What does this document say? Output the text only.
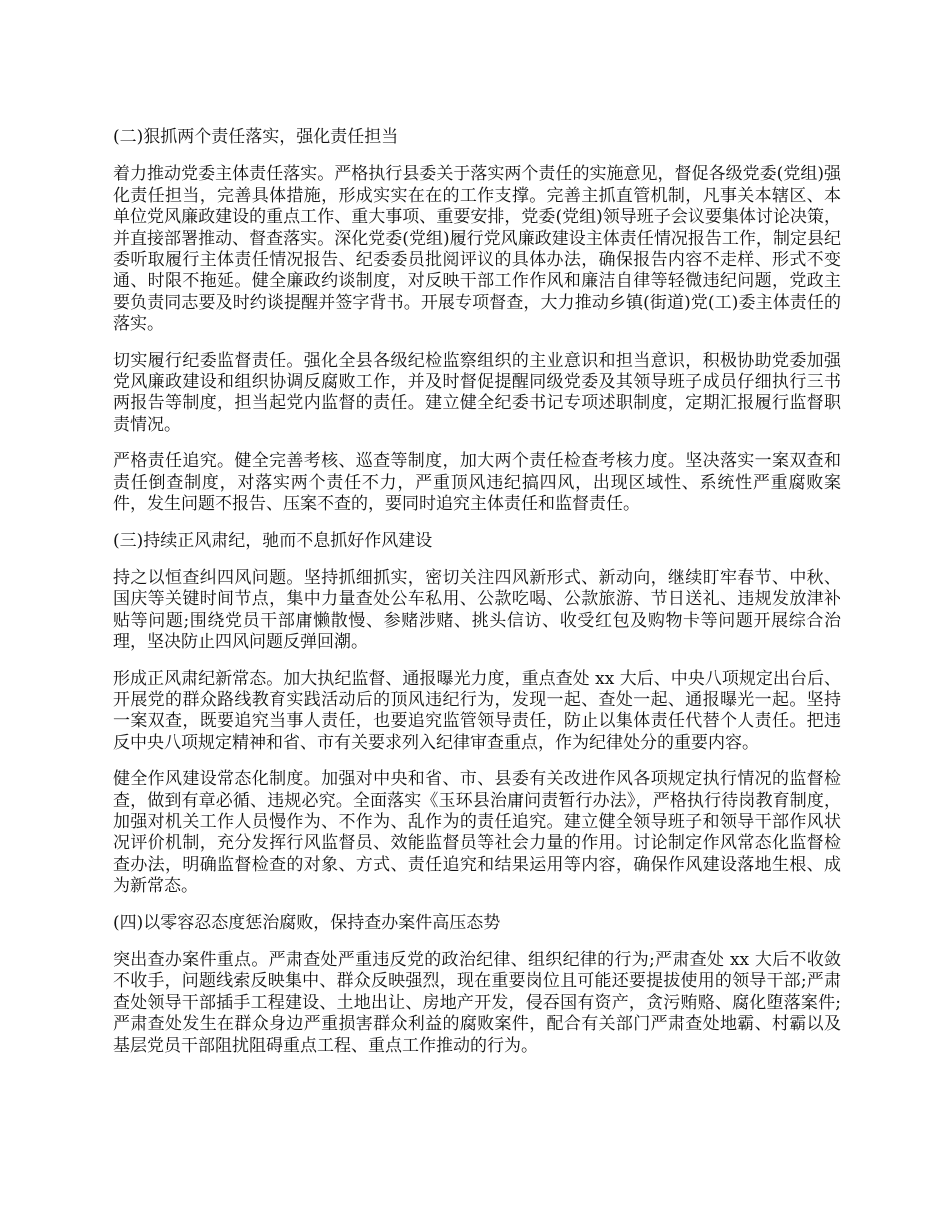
(二)狠抓两个责任落实，强化责任担当

着力推动党委主体责任落实。严格执行县委关于落实两个责任的实施意见，督促各级党委(党组)强化责任担当，完善具体措施，形成实实在在的工作支撑。完善主抓直管机制，凡事关本辖区、本单位党风廉政建设的重点工作、重大事项、重要安排，党委(党组)领导班子会议要集体讨论决策，并直接部署推动、督查落实。深化党委(党组)履行党风廉政建设主体责任情况报告工作，制定县纪委听取履行主体责任情况报告、纪委委员批阅评议的具体办法，确保报告内容不走样、形式不变通、时限不拖延。健全廉政约谈制度，对反映干部工作作风和廉洁自律等轻微违纪问题，党政主要负责同志要及时约谈提醒并签字背书。开展专项督查，大力推动乡镇(街道)党(工)委主体责任的落实。

切实履行纪委监督责任。强化全县各级纪检监察组织的主业意识和担当意识，积极协助党委加强党风廉政建设和组织协调反腐败工作，并及时督促提醒同级党委及其领导班子成员仔细执行三书两报告等制度，担当起党内监督的责任。建立健全纪委书记专项述职制度，定期汇报履行监督职责情况。

严格责任追究。健全完善考核、巡查等制度，加大两个责任检查考核力度。坚决落实一案双查和责任倒查制度，对落实两个责任不力，严重顶风违纪搞四风，出现区域性、系统性严重腐败案件，发生问题不报告、压案不查的，要同时追究主体责任和监督责任。

(三)持续正风肃纪，驰而不息抓好作风建设

持之以恒查纠四风问题。坚持抓细抓实，密切关注四风新形式、新动向，继续盯牢春节、中秋、国庆等关键时间节点，集中力量查处公车私用、公款吃喝、公款旅游、节日送礼、违规发放津补贴等问题;围绕党员干部庸懒散慢、参赌涉赌、挑头信访、收受红包及购物卡等问题开展综合治理，坚决防止四风问题反弹回潮。

形成正风肃纪新常态。加大执纪监督、通报曝光力度，重点查处 xx 大后、中央八项规定出台后、开展党的群众路线教育实践活动后的顶风违纪行为，发现一起、查处一起、通报曝光一起。坚持一案双查，既要追究当事人责任，也要追究监管领导责任，防止以集体责任代替个人责任。把违反中央八项规定精神和省、市有关要求列入纪律审查重点，作为纪律处分的重要内容。

健全作风建设常态化制度。加强对中央和省、市、县委有关改进作风各项规定执行情况的监督检查，做到有章必循、违规必究。全面落实《玉环县治庸问责暂行办法》，严格执行待岗教育制度，加强对机关工作人员慢作为、不作为、乱作为的责任追究。建立健全领导班子和领导干部作风状况评价机制，充分发挥行风监督员、效能监督员等社会力量的作用。讨论制定作风常态化监督检查办法，明确监督检查的对象、方式、责任追究和结果运用等内容，确保作风建设落地生根、成为新常态。

(四)以零容忍态度惩治腐败，保持查办案件高压态势

突出查办案件重点。严肃查处严重违反党的政治纪律、组织纪律的行为;严肃查处 xx 大后不收敛不收手，问题线索反映集中、群众反映强烈，现在重要岗位且可能还要提拔使用的领导干部;严肃查处领导干部插手工程建设、土地出让、房地产开发，侵吞国有资产，贪污贿赂、腐化堕落案件;严肃查处发生在群众身边严重损害群众利益的腐败案件，配合有关部门严肃查处地霸、村霸以及基层党员干部阻扰阻碍重点工程、重点工作推动的行为。
